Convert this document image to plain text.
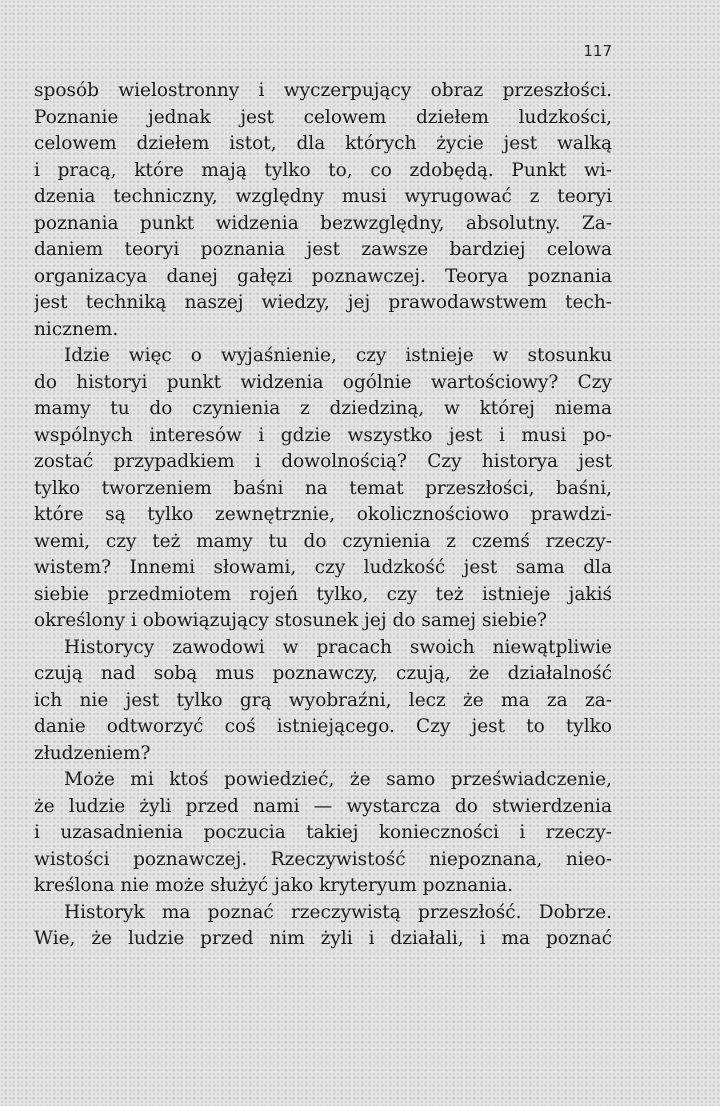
117
sposób wielostronny i wyczerpujący obraz przeszłości.
Poznanie jednak jest celowem dziełem ludzkości,
celowem dziełem istot, dla których życie jest walką
i pracą, które mają tylko to, co zdobędą. Punkt wi-
dzenia techniczny, względny musi wyrugować z teoryi
poznania punkt widzenia bezwzględny, absolutny. Za-
daniem teoryi poznania jest zawsze bardziej celowa
organizacya danej gałęzi poznawczej. Teorya poznania
jest techniką naszej wiedzy, jej prawodawstwem tech-
nicznem.
Idzie więc o wyjaśnienie, czy istnieje w stosunku
do historyi punkt widzenia ogólnie wartościowy? Czy
mamy tu do czynienia z dziedziną, w której niema
wspólnych interesów i gdzie wszystko jest i musi po-
zostać przypadkiem i dowolnością? Czy historya jest
tylko tworzeniem baśni na temat przeszłości, baśni,
które są tylko zewnętrznie, okolicznościowo prawdzi-
wemi, czy też mamy tu do czynienia z czemś rzeczy-
wistem? Innemi słowami, czy ludzkość jest sama dla
siebie przedmiotem rojeń tylko, czy też istnieje jakiś
określony i obowiązujący stosunek jej do samej siebie?
Historycy zawodowi w pracach swoich niewątpliwie
czują nad sobą mus poznawczy, czują, że działalność
ich nie jest tylko grą wyobraźni, lecz że ma za za-
danie odtworzyć coś istniejącego. Czy jest to tylko
złudzeniem?
Może mi ktoś powiedzieć, że samo przeświadczenie,
że ludzie żyli przed nami — wystarcza do stwierdzenia
i uzasadnienia poczucia takiej konieczności i rzeczy-
wistości poznawczej. Rzeczywistość niepoznana, nieo-
kreślona nie może służyć jako kryteryum poznania.
Historyk ma poznać rzeczywistą przeszłość. Dobrze.
Wie, że ludzie przed nim żyli i działali, i ma poznać
